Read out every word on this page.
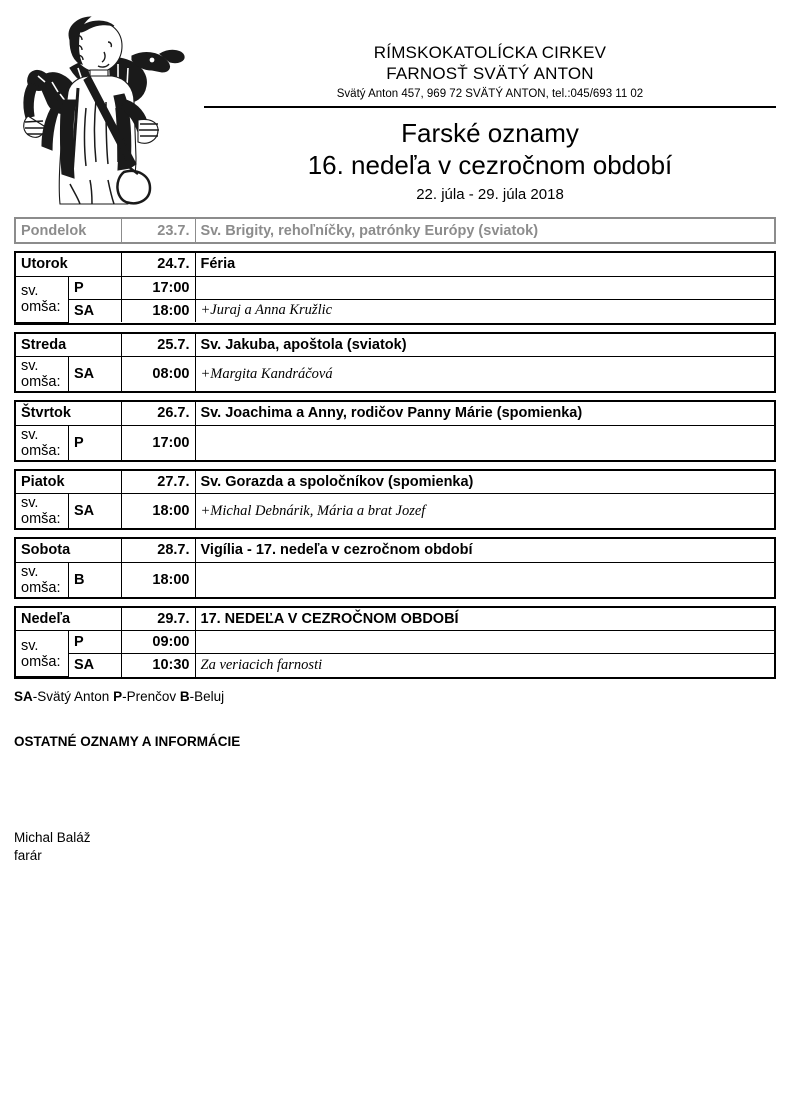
RÍMSKOKATOLÍCKA CIRKEV
FARNOSŤ SVÄTÝ ANTON
Svätý Anton 457, 969 72 SVÄTÝ ANTON, tel.:045/693 11 02
Farské oznamy
16. nedeľa v cezročnom období
22. júla - 29. júla 2018
Pondelok	23.7.	Sv. Brigity, rehoľníčky, patrónky Európy (sviatok)
Utorok		24.7.	Féria
sv. omša:	P	17:00	
	SA	18:00	+Juraj a Anna Kružlic
Streda		25.7.	Sv. Jakuba, apoštola (sviatok)
sv. omša:	SA	08:00	+Margita Kandráčová
Štvrtok		26.7.	Sv. Joachima a Anny, rodičov Panny Márie (spomienka)
sv. omša:	P	17:00	
Piatok		27.7.	Sv. Gorazda a spoločníkov (spomienka)
sv. omša:	SA	18:00	+Michal Debnárik, Mária a brat Jozef
Sobota		28.7.	Vigília - 17. nedeľa v cezročnom období
sv. omša:	B	18:00	
Nedeľa		29.7.	17. NEDEĽA V CEZROČNOM OBDOBÍ
sv. omša:	P	09:00	
	SA	10:30	Za veriacich farnosti
SA-Svätý Anton P-Prenčov B-Beluj
OSTATNÉ OZNAMY A INFORMÁCIE
Michal Baláž
farár
